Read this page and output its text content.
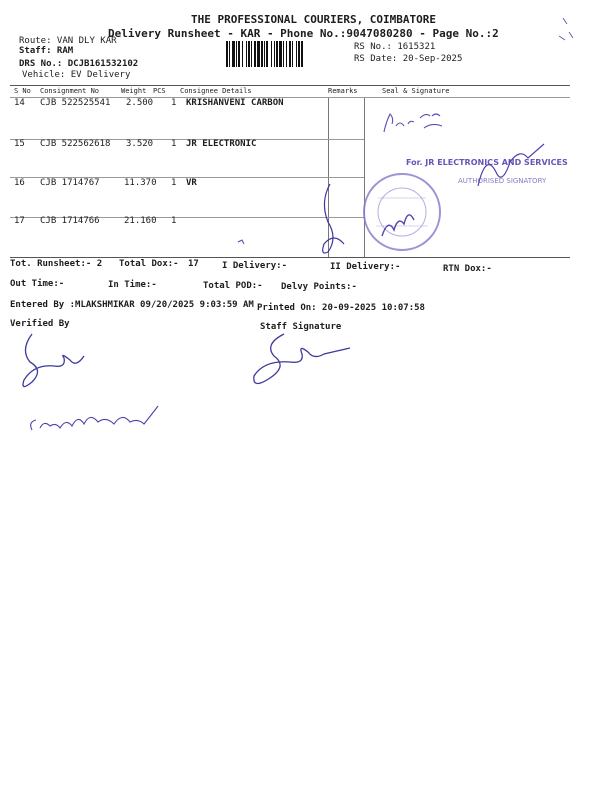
THE PROFESSIONAL COURIERS, COIMBATORE
Delivery Runsheet - KAR - Phone No.:9047080280 - Page No.:2
Route: VAN DLY KAR
Staff: RAM
DRS No.: DCJB161532102
Vehicle: EV Delivery
RS No.: 1615321
RS Date: 20-Sep-2025
S No Consignment No	Weight PCS Consignee Details	Remarks	Seal & Signature
14 CJB 522525541 2.500 1 KRISHANVENI CARBON
15 CJB 522562618 3.520 1 JR ELECTRONIC
16 CJB 1714767	11.370 1 VR
17 CJB 1714766	21.160 1
For. JR ELECTRONICS AND SERVICES
AUTHORISED SIGNATORY
Tot. Runsheet:- 2 Total Dox:- 17	I Delivery:-	II Delivery:-	RTN Dox:-
Out Time:-	In Time:-	Total POD:- Delvy Points:-
Entered By :MLAKSHMIKAR 09/20/2025 9:03:59 AM Printed On: 20-09-2025 10:07:58
Verified By	Staff Signature
